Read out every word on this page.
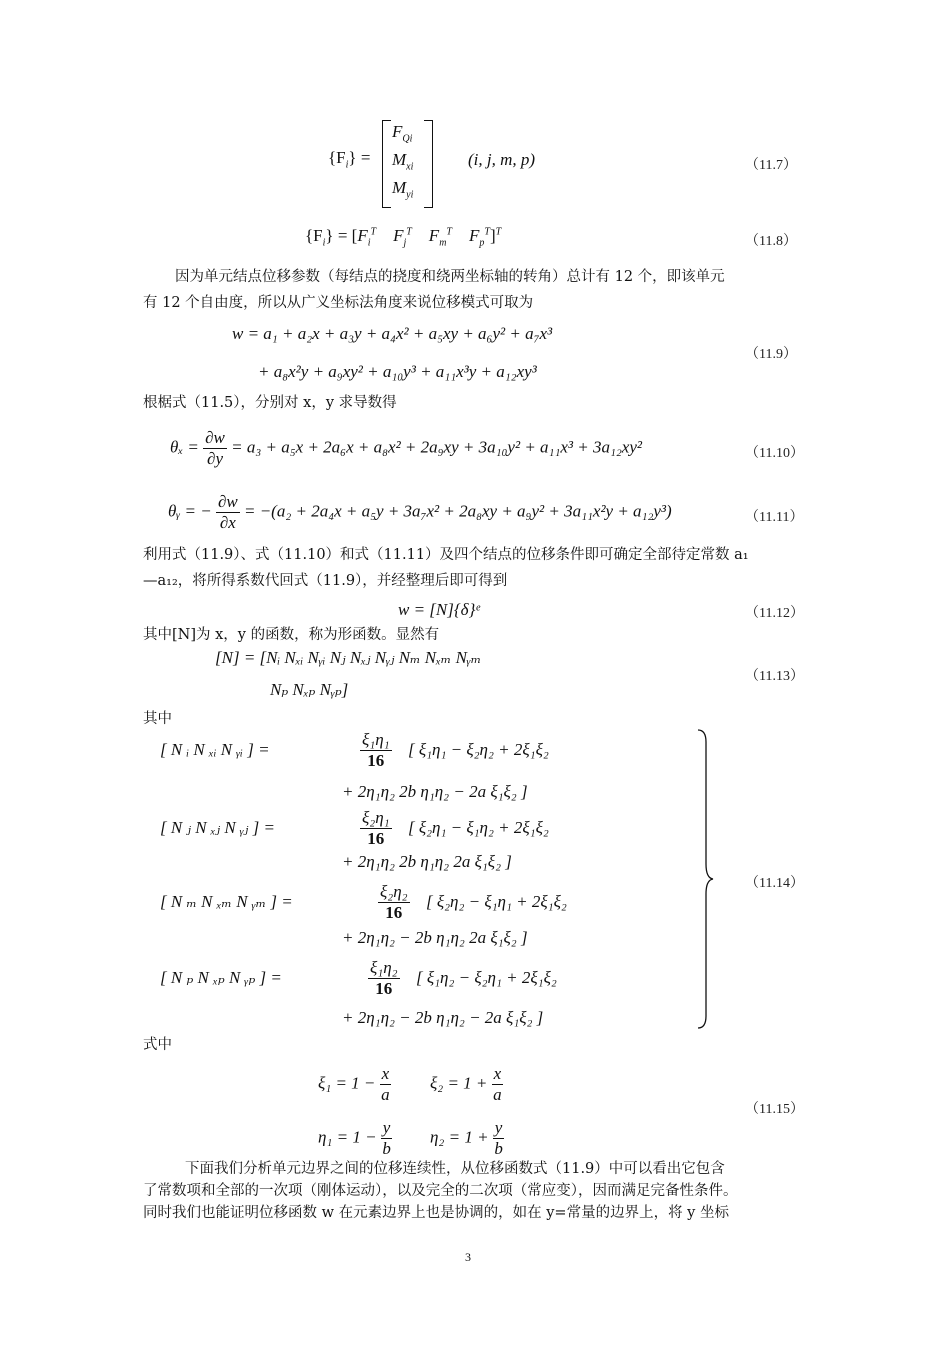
$\{F_i\}$ =
$F_{Qi}$
$M_{xi}$
$M_{yi}$
(i, j, m, p)	（11.7）
$\{F_i\} = [F_i^T$ $F_j^T$ $F_m^T$ $F_p^T]^T$
（11.8）
因为单元结点位移参数（每结点的挠度和绕两坐标轴的转角）总计有 12 个，即该单元
有 12 个自由度，所以从广义坐标法角度来说位移模式可取为
w = a₁ + a₂x + a₃y + a₄x² + a₅xy + a₆y² + a₇x³
+ a₈x²y + a₉xy² + a₁₀y³ + a₁₁x³y + a₁₂xy³
（11.9）
根椐式（11.5），分别对 x，y 求导数得
$\theta_x = \frac{\partial w}{\partial y} = a_3 + a_5x + 2a_6x + a_8x^2 + 2a_9xy + 3a_{10}y^2 + a_{11}x^3 + 3a_{12}xy^2$	（11.10）
θᵧ = − $\frac{\partial w}{\partial x} = -(a_2 + 2a_4x + a_5y + 3a_7x^2 + 2a_8xy + a_9y^2 + 3a_{11}x^2y + a_{12}y^3)$	（11.11）
利用式（11.9）、式（11.10）和式（11.11）及四个结点的位移条件即可确定全部待定常数 a₁
—a₁₂，将所得系数代回式（11.9），并经整理后即可得到
w = [N]{δ}ᵉ	（11.12）
其中[N]为 x，y 的函数，称为形函数。显然有
[N] = [Nᵢ Nₓᵢ Nᵧᵢ Nⱼ Nₓⱼ Nᵧⱼ Nₘ Nₓₘ Nᵧₘ
Nₚ Nₓₚ Nᵧₚ]
（11.13）
其中
[ N ᵢ N ₓᵢ N ᵧᵢ ] =	$\frac{\text{ξ₁η₁}}{16}$ [ ξ₁η₁ − ξ₂η₂ + 2ξ₁ξ₂
+ 2η₁η₂ 2b η₁η₂ − 2a ξ₁ξ₂ ]
[ N ⱼ N ₓⱼ N ᵧⱼ ] =	$\frac{\text{ξ₂η₁}}{16}$ [ ξ₂η₁ − ξ₁η₂ + 2ξ₁ξ₂
+ 2η₁η₂ 2b η₁η₂ 2a ξ₁ξ₂ ]
[ N ₘ N ₓₘ N ᵧₘ ] =	$\frac{\text{ξ₂η₂}}{16}$ [ ξ₂η₂ − ξ₁η₁ + 2ξ₁ξ₂
+ 2η₁η₂ − 2b η₁η₂ 2a ξ₁ξ₂ ]
[ N ₚ N ₓₚ N ᵧₚ ] =	$\frac{\text{ξ₁η₂}}{16}$ [ ξ₁η₂ − ξ₂η₁ + 2ξ₁ξ₂
+ 2η₁η₂ − 2b η₁η₂ − 2a ξ₁ξ₂ ]
（11.14）
式中
$\xi_1 = 1 - \frac{x}{a} \xi_2 = 1 + \frac{x}{a}$
$\eta_1 = 1 - \frac{y}{b} \eta_2 = 1 + \frac{y}{b}$
（11.15）
下面我们分析单元边界之间的位移连续性，从位移函数式（11.9）中可以看出它包含
了常数项和全部的一次项（刚体运动），以及完全的二次项（常应变），因而满足完备性条件。
同时我们也能证明位移函数 w 在元素边界上也是协调的，如在 y=常量的边界上，将 y 坐标
3
